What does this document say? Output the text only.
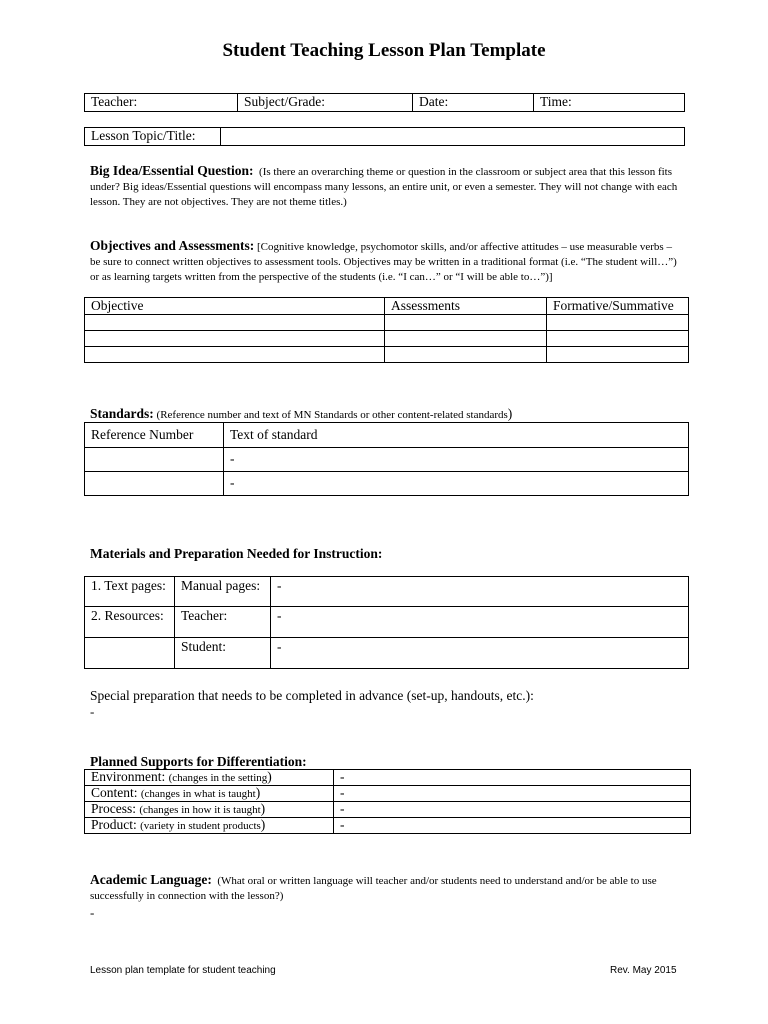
Student Teaching Lesson Plan Template
Teacher:	Subject/Grade:	Date:	Time:
Lesson Topic/Title:	
Big Idea/Essential Question: (Is there an overarching theme or question in the classroom or subject area that this lesson fits under? Big ideas/Essential questions will encompass many lessons, an entire unit, or even a semester. They will not change with each lesson. They are not objectives. They are not theme titles.)
Objectives and Assessments: [Cognitive knowledge, psychomotor skills, and/or affective attitudes – use measurable verbs – be sure to connect written objectives to assessment tools. Objectives may be written in a traditional format (i.e. “The student will…”) or as learning targets written from the perspective of the students (i.e. “I can…” or “I will be able to…”)]
Objective	Assessments	Formative/Summative

Standards: (Reference number and text of MN Standards or other content-related standards)
Reference Number	Text of standard
	-
	-
Materials and Preparation Needed for Instruction:
1. Text pages:	Manual pages:	-
2. Resources:	Teacher:	-
	Student:	-
Special preparation that needs to be completed in advance (set-up, handouts, etc.):
-
Planned Supports for Differentiation:
Environment: (changes in the setting)	-
Content: (changes in what is taught)	-
Process: (changes in how it is taught)	-
Product: (variety in student products)	-
Academic Language: (What oral or written language will teacher and/or students need to understand and/or be able to use successfully in connection with the lesson?)
-
Lesson plan template for student teaching	Rev. May 2015
